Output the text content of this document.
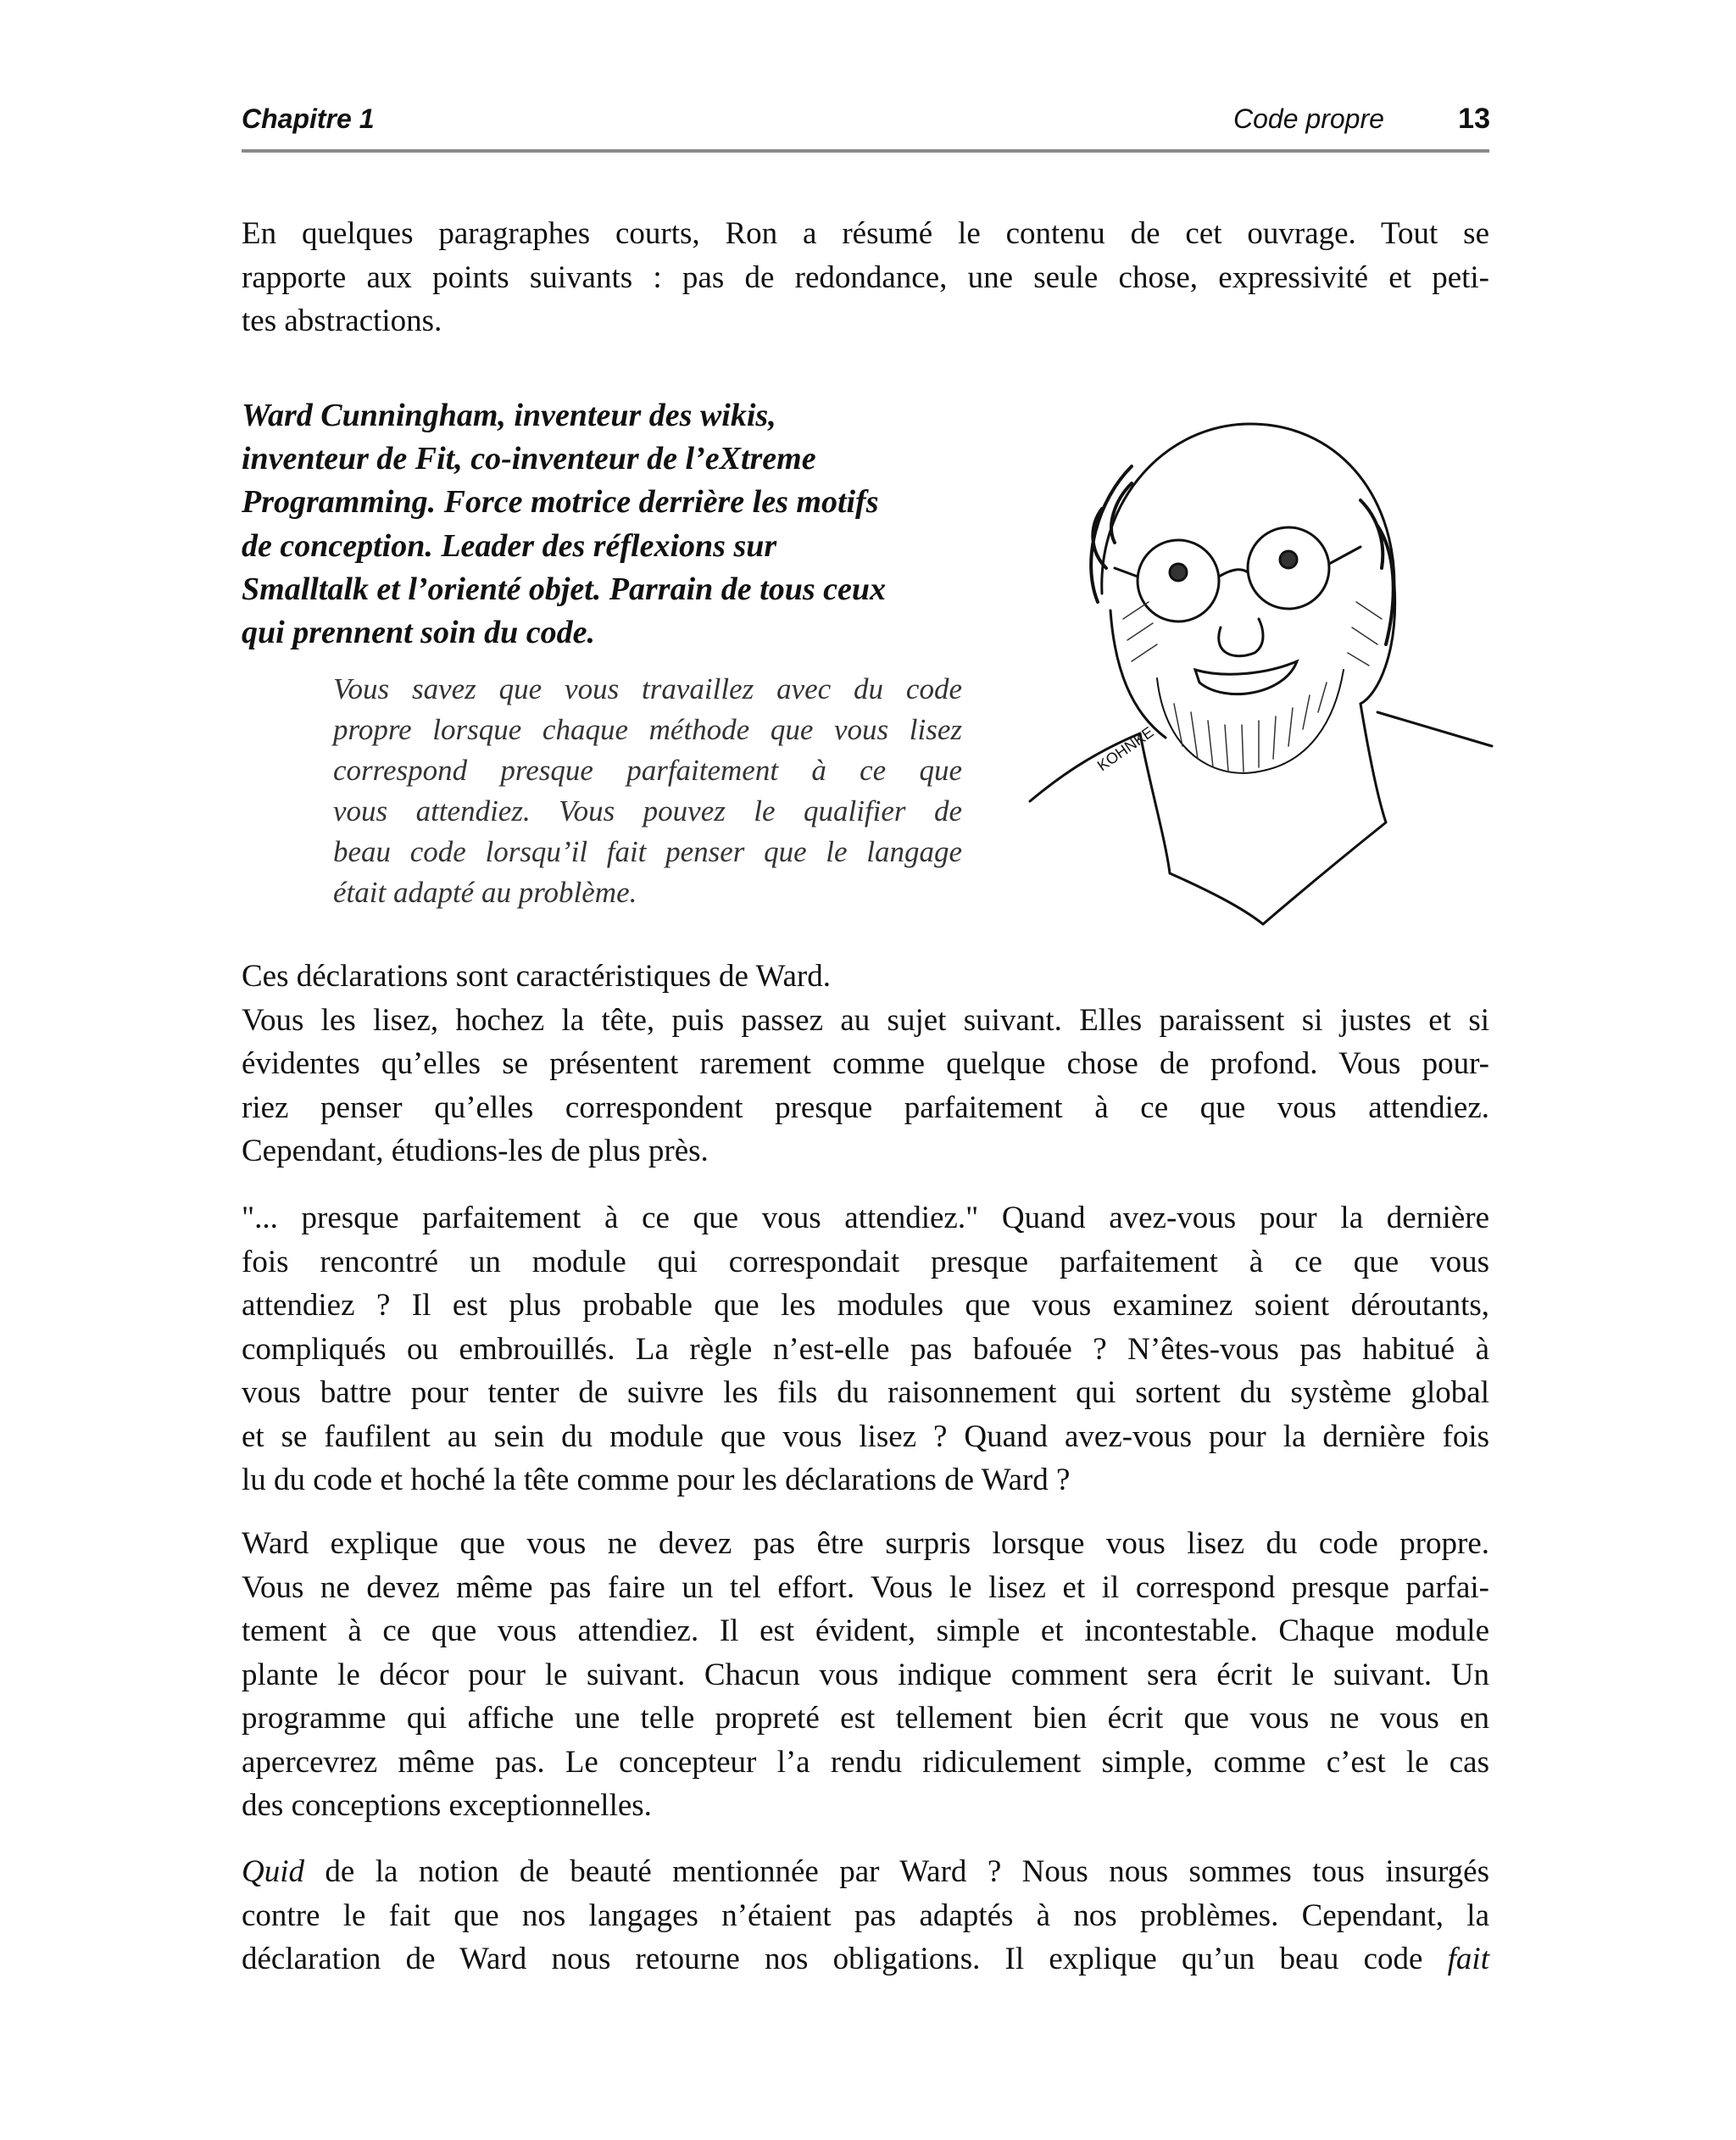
Chapitre 1	Code propre	13
En quelques paragraphes courts, Ron a résumé le contenu de cet ouvrage. Tout se
rapporte aux points suivants : pas de redondance, une seule chose, expressivité et peti-
tes abstractions.
Ward Cunningham, inventeur des wikis,
inventeur de Fit, co-inventeur de l’eXtreme
Programming. Force motrice derrière les motifs
de conception. Leader des réflexions sur
Smalltalk et l’orienté objet. Parrain de tous ceux
qui prennent soin du code.
Vous savez que vous travaillez avec du code
propre lorsque chaque méthode que vous lisez
correspond presque parfaitement à ce que
vous attendiez. Vous pouvez le qualifier de
beau code lorsqu’il fait penser que le langage
était adapté au problème.
KOHNKE
Ces déclarations sont caractéristiques de Ward.
Vous les lisez, hochez la tête, puis passez au sujet suivant. Elles paraissent si justes et si
évidentes qu’elles se présentent rarement comme quelque chose de profond. Vous pour-
riez penser qu’elles correspondent presque parfaitement à ce que vous attendiez.
Cependant, étudions-les de plus près.
"... presque parfaitement à ce que vous attendiez." Quand avez-vous pour la dernière
fois rencontré un module qui correspondait presque parfaitement à ce que vous
attendiez ? Il est plus probable que les modules que vous examinez soient déroutants,
compliqués ou embrouillés. La règle n’est-elle pas bafouée ? N’êtes-vous pas habitué à
vous battre pour tenter de suivre les fils du raisonnement qui sortent du système global
et se faufilent au sein du module que vous lisez ? Quand avez-vous pour la dernière fois
lu du code et hoché la tête comme pour les déclarations de Ward ?
Ward explique que vous ne devez pas être surpris lorsque vous lisez du code propre.
Vous ne devez même pas faire un tel effort. Vous le lisez et il correspond presque parfai-
tement à ce que vous attendiez. Il est évident, simple et incontestable. Chaque module
plante le décor pour le suivant. Chacun vous indique comment sera écrit le suivant. Un
programme qui affiche une telle propreté est tellement bien écrit que vous ne vous en
apercevrez même pas. Le concepteur l’a rendu ridiculement simple, comme c’est le cas
des conceptions exceptionnelles.
Quid de la notion de beauté mentionnée par Ward ? Nous nous sommes tous insurgés
contre le fait que nos langages n’étaient pas adaptés à nos problèmes. Cependant, la
déclaration de Ward nous retourne nos obligations. Il explique qu’un beau code fait
